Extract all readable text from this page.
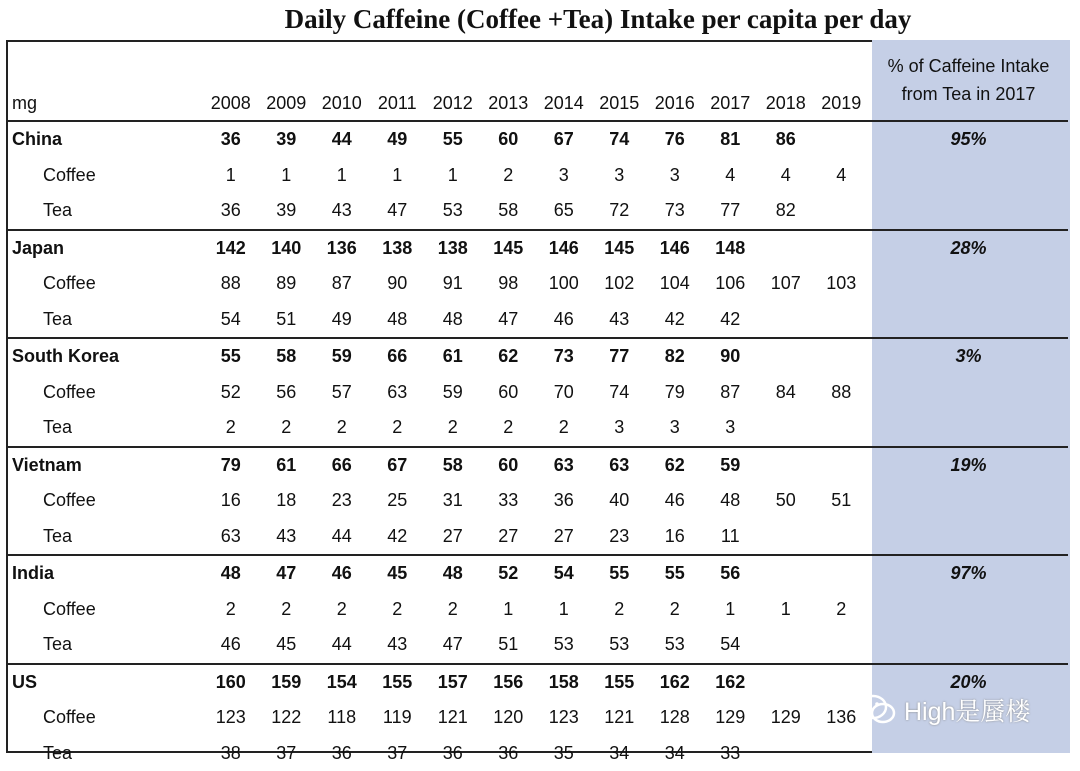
Daily Caffeine (Coffee +Tea) Intake per capita per day
mg	2008	2009	2010	2011	2012	2013	2014	2015	2016	2017	2018	2019	% of Caffeine Intake
from Tea in 2017

China	36	39	44	49	55	60	67	74	76	81	86		95%
Coffee	1	1	1	1	1	2	3	3	3	4	4	4	
Tea	36	39	43	47	53	58	65	72	73	77	82		
Japan	142	140	136	138	138	145	146	145	146	148			28%
Coffee	88	89	87	90	91	98	100	102	104	106	107	103	
Tea	54	51	49	48	48	47	46	43	42	42			
South Korea	55	58	59	66	61	62	73	77	82	90			3%
Coffee	52	56	57	63	59	60	70	74	79	87	84	88	
Tea	2	2	2	2	2	2	2	3	3	3			
Vietnam	79	61	66	67	58	60	63	63	62	59			19%
Coffee	16	18	23	25	31	33	36	40	46	48	50	51	
Tea	63	43	44	42	27	27	27	23	16	11			
India	48	47	46	45	48	52	54	55	55	56			97%
Coffee	2	2	2	2	2	1	1	2	2	1	1	2	
Tea	46	45	44	43	47	51	53	53	53	54			
US	160	159	154	155	157	156	158	155	162	162			20%
Coffee	123	122	118	119	121	120	123	121	128	129	129	136	
Tea	38	37	36	37	36	36	35	34	34	33			
High是蜃楼
